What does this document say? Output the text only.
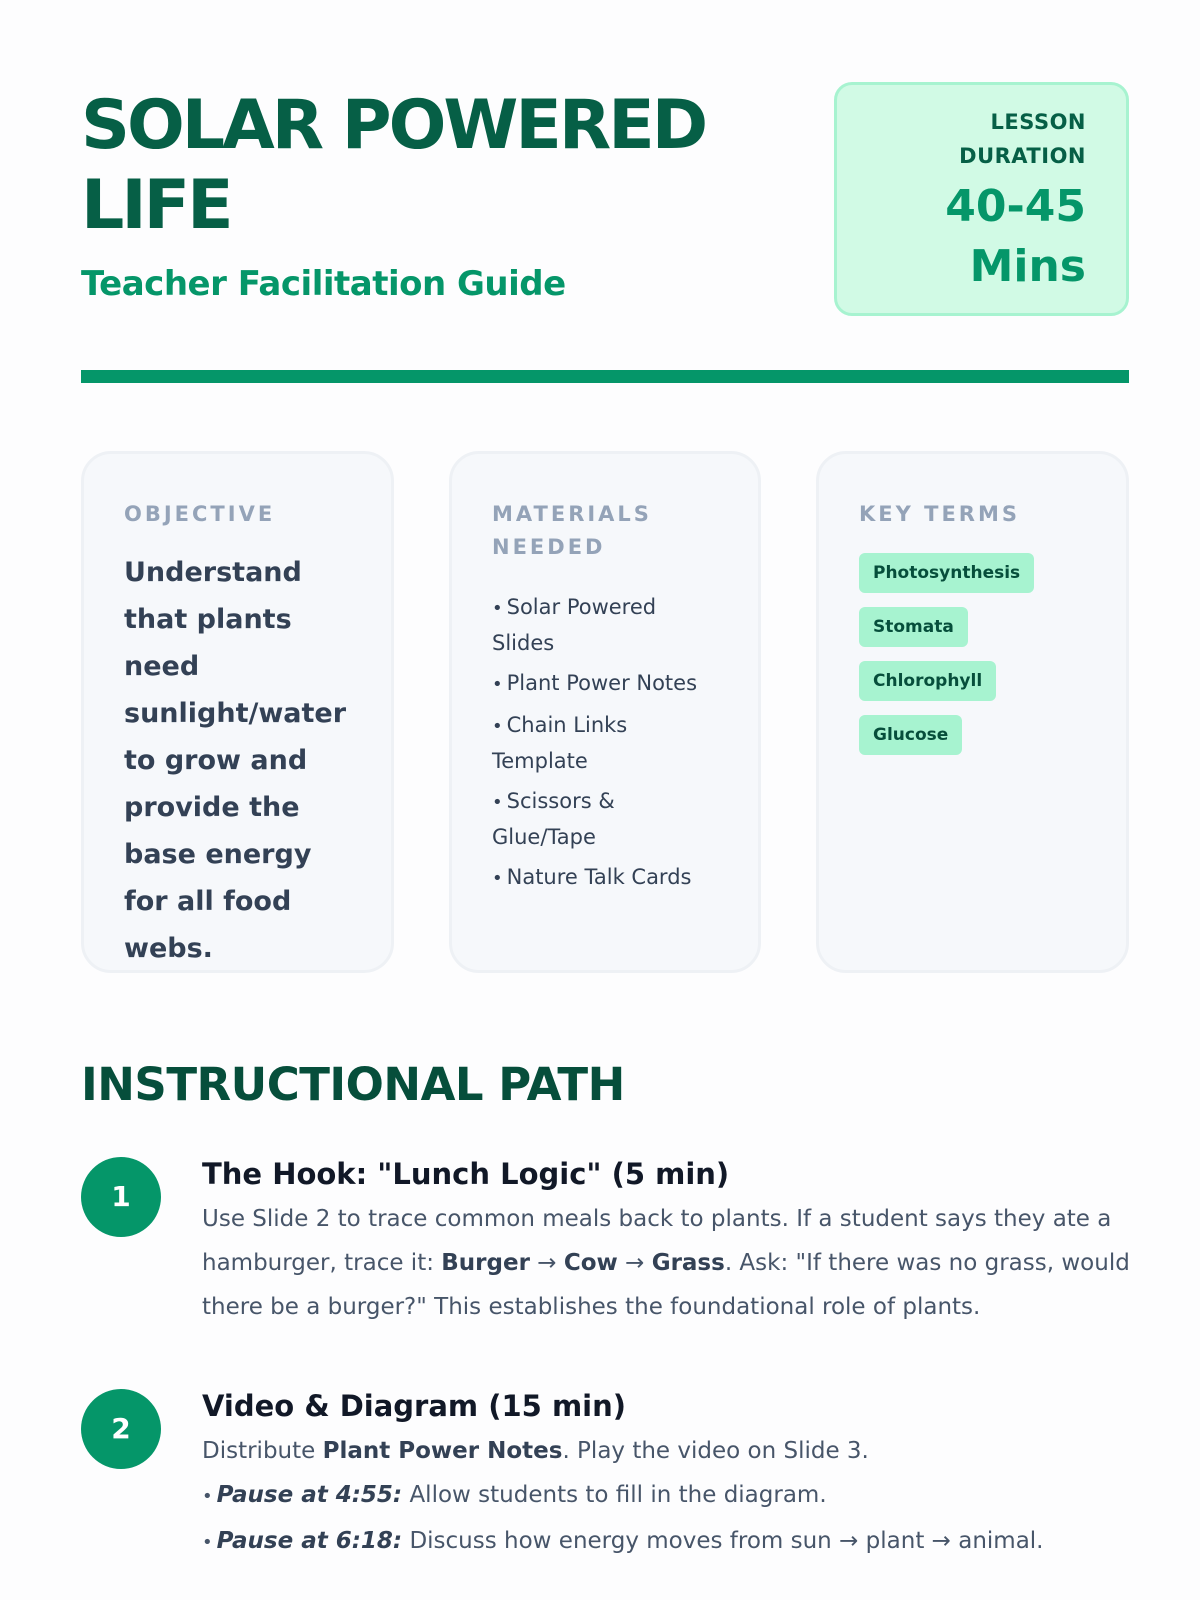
SOLAR POWERED
LIFE
Teacher Facilitation Guide
LESSON
DURATION
40-45
Mins
OBJECTIVE
Understand that plants need sunlight/water to grow and provide the base energy for all food webs.
MATERIALS
NEEDED
• Solar Powered Slides
• Plant Power Notes
• Chain Links Template
• Scissors & Glue/Tape
• Nature Talk Cards
KEY TERMS
Photosynthesis
Stomata
Chlorophyll
Glucose
INSTRUCTIONAL PATH
1
The Hook: "Lunch Logic" (5 min)
Use Slide 2 to trace common meals back to plants. If a student says they ate a hamburger, trace it: Burger → Cow → Grass. Ask: "If there was no grass, would there be a burger?" This establishes the foundational role of plants.
2
Video & Diagram (15 min)
Distribute Plant Power Notes. Play the video on Slide 3.
• Pause at 4:55: Allow students to fill in the diagram.
• Pause at 6:18: Discuss how energy moves from sun → plant → animal.
